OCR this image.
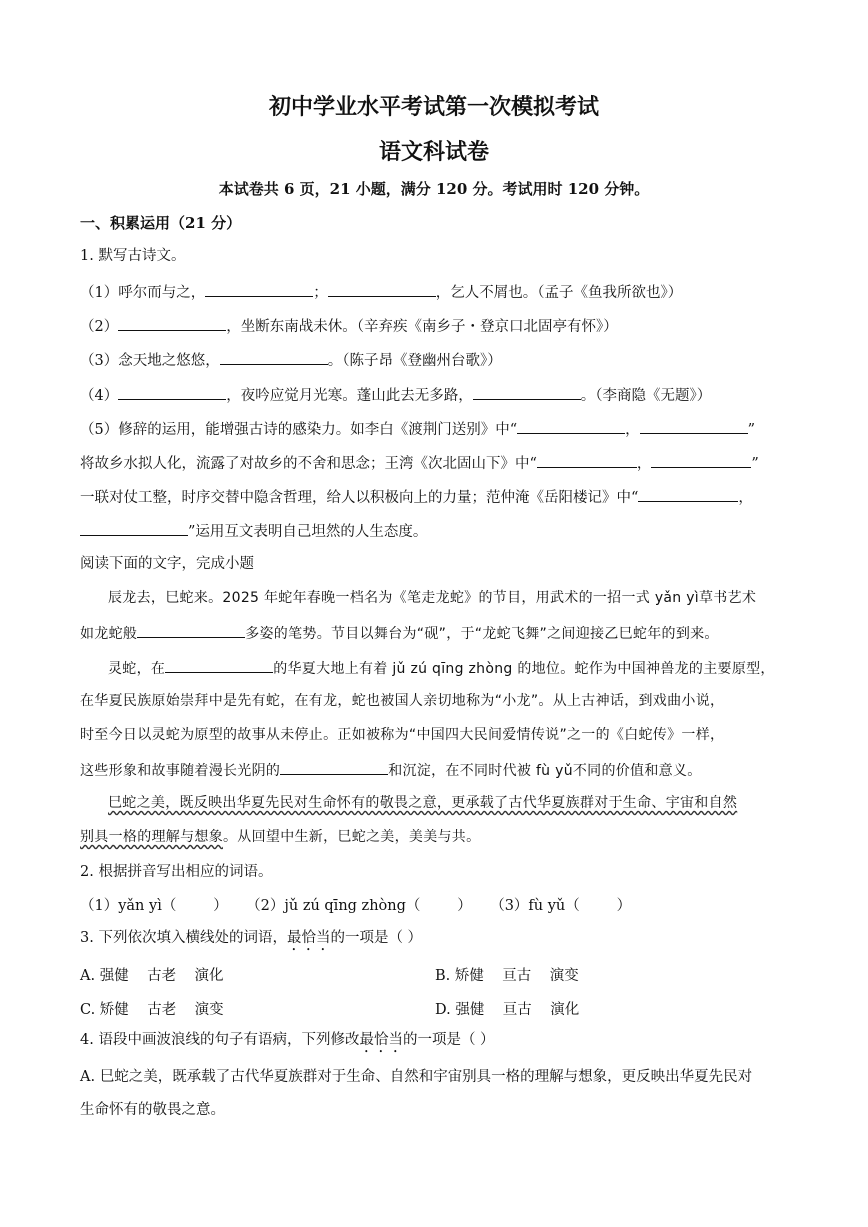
初中学业水平考试第一次模拟考试
语文科试卷
本试卷共 6 页，21 小题，满分 120 分。考试用时 120 分钟。
一、积累运用（21 分）
1. 默写古诗文。
（1）呼尔而与之，	；	，乞人不屑也。（孟子《鱼我所欲也》）
（2）	，坐断东南战未休。（辛弃疾《南乡子・登京口北固亭有怀》）
（3）念天地之悠悠，	。（陈子昂《登幽州台歌》）
（4）	，夜吟应觉月光寒。蓬山此去无多路，	。（李商隐《无题》）
（5）修辞的运用，能增强古诗的感染力。如李白《渡荆门送别》中“	，	”
将故乡水拟人化，流露了对故乡的不舍和思念；王湾《次北固山下》中“	，	”
一联对仗工整，时序交替中隐含哲理，给人以积极向上的力量；范仲淹《岳阳楼记》中“	，
”运用互文表明自己坦然的人生态度。
阅读下面的文字，完成小题
辰龙去，巳蛇来。2025 年蛇年春晚一档名为《笔走龙蛇》的节目，用武术的一招一式 yǎn yì草书艺术
如龙蛇般	多姿的笔势。节目以舞台为“砚”，于“龙蛇飞舞”之间迎接乙巳蛇年的到来。
灵蛇，在	的华夏大地上有着 jǔ zú qīng zhòng 的地位。蛇作为中国神兽龙的主要原型，
在华夏民族原始崇拜中是先有蛇，在有龙，蛇也被国人亲切地称为“小龙”。从上古神话，到戏曲小说，
时至今日以灵蛇为原型的故事从未停止。正如被称为“中国四大民间爱情传说”之一的《白蛇传》一样，
这些形象和故事随着漫长光阴的	和沉淀，在不同时代被 fù yǔ不同的价值和意义。
巳蛇之美，既反映出华夏先民对生命怀有的敬畏之意，更承载了古代华夏族群对于生命、宇宙和自然
别具一格的理解与想象。从回望中生新，巳蛇之美，美美与共。
2. 根据拼音写出相应的词语。
（1）yǎn yì（        ）    （2）jǔ zú qīng zhòng（        ）    （3）fù yǔ（        ）
3. 下列依次填入横线处的词语，最恰当的一项是（ ）
A. 强健    古老    演化	B. 矫健    亘古    演变
C. 矫健    古老    演变	D. 强健    亘古    演化
4. 语段中画波浪线的句子有语病，下列修改最恰当的一项是（ ）
A. 巳蛇之美，既承载了古代华夏族群对于生命、自然和宇宙别具一格的理解与想象，更反映出华夏先民对
生命怀有的敬畏之意。
